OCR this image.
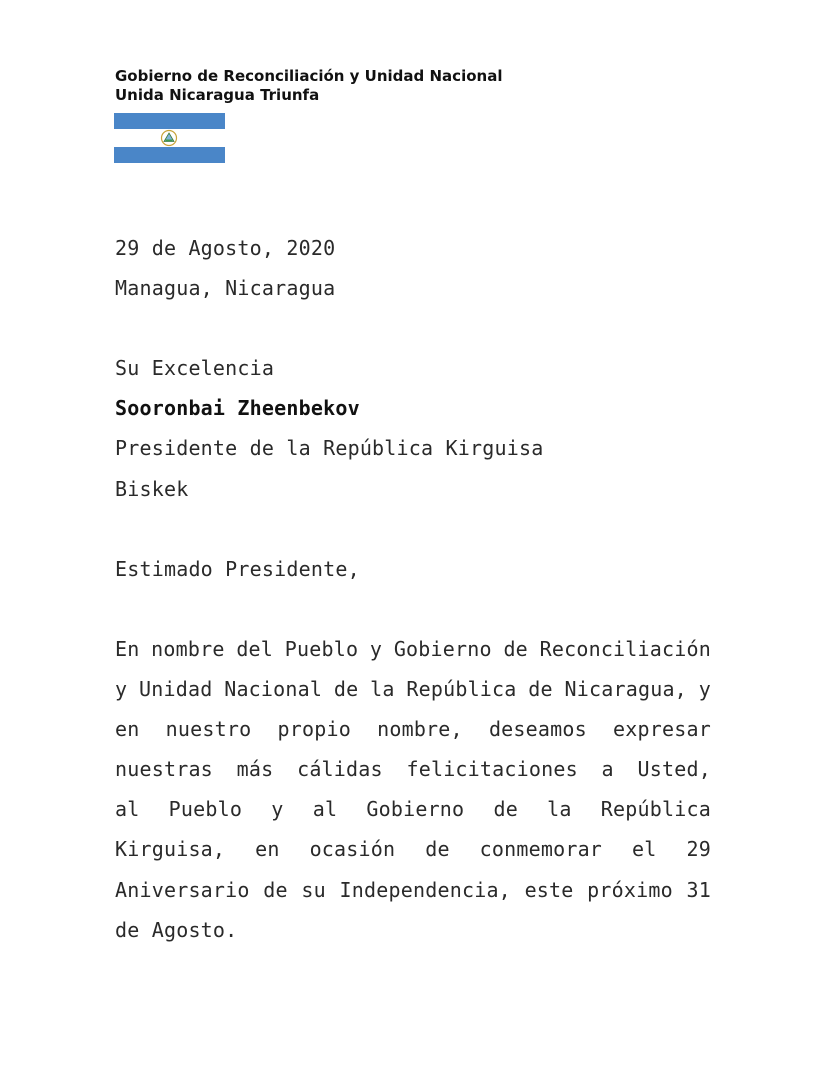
Gobierno de Reconciliación y Unidad Nacional
Unida Nicaragua Triunfa
29 de Agosto, 2020
Managua, Nicaragua
Su Excelencia
Sooronbai Zheenbekov
Presidente de la República Kirguisa
Biskek
Estimado Presidente,
En nombre del Pueblo y Gobierno de Reconciliación
y Unidad Nacional de la República de Nicaragua, y
en nuestro propio nombre, deseamos expresar
nuestras más cálidas felicitaciones a Usted,
al Pueblo y al Gobierno de la República
Kirguisa, en ocasión de conmemorar el 29
Aniversario de su Independencia, este próximo 31
de Agosto.
